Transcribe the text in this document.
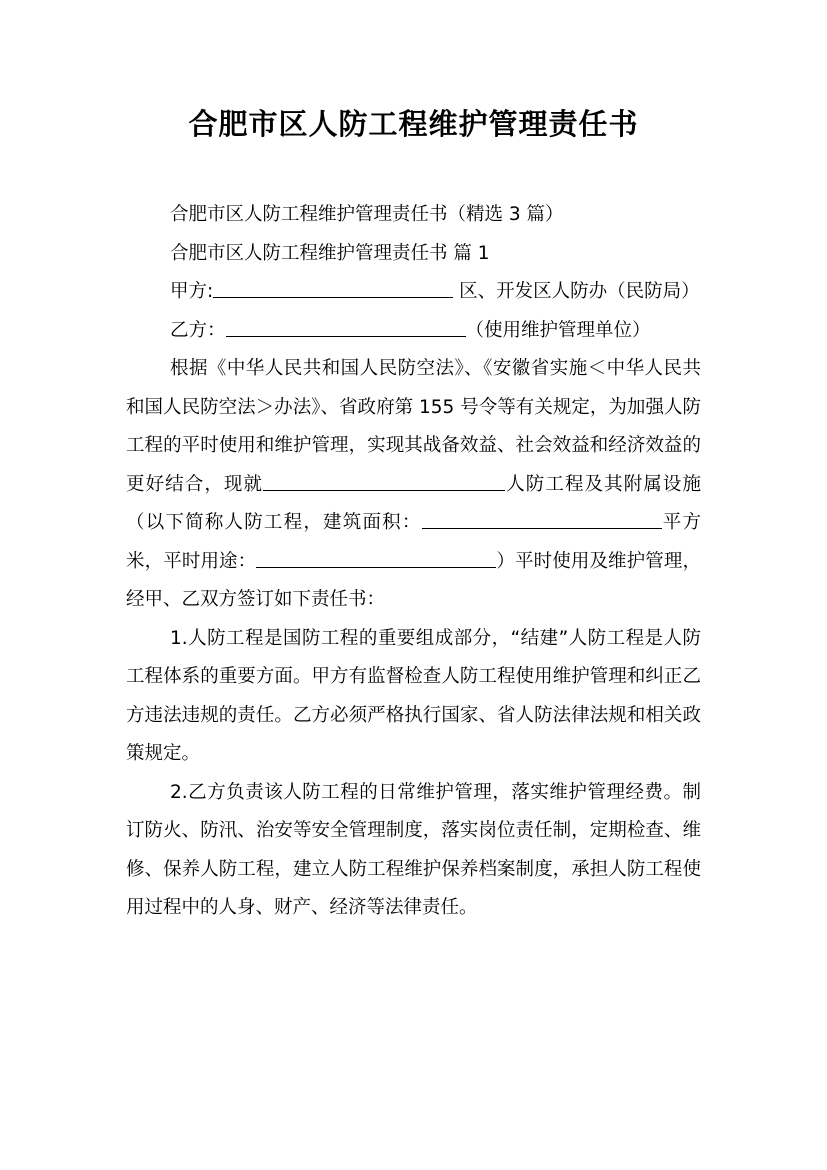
合肥市区人防工程维护管理责任书

合肥市区人防工程维护管理责任书（精选 3 篇）

合肥市区人防工程维护管理责任书 篇 1

甲方:	区、开发区人防办（民防局）

乙方：	（使用维护管理单位）

根据《中华人民共和国人民防空法》、《安徽省实施＜中华人民共和国人民防空法＞办法》、省政府第 155 号令等有关规定，为加强人防工程的平时使用和维护管理，实现其战备效益、社会效益和经济效益的更好结合，现就	人防工程及其附属设施（以下简称人防工程，建筑面积：	平方米，平时用途：	）平时使用及维护管理，经甲、乙双方签订如下责任书：

1.人防工程是国防工程的重要组成部分，“结建”人防工程是人防工程体系的重要方面。甲方有监督检查人防工程使用维护管理和纠正乙方违法违规的责任。乙方必须严格执行国家、省人防法律法规和相关政策规定。

2.乙方负责该人防工程的日常维护管理，落实维护管理经费。制订防火、防汛、治安等安全管理制度，落实岗位责任制，定期检查、维修、保养人防工程，建立人防工程维护保养档案制度，承担人防工程使用过程中的人身、财产、经济等法律责任。
